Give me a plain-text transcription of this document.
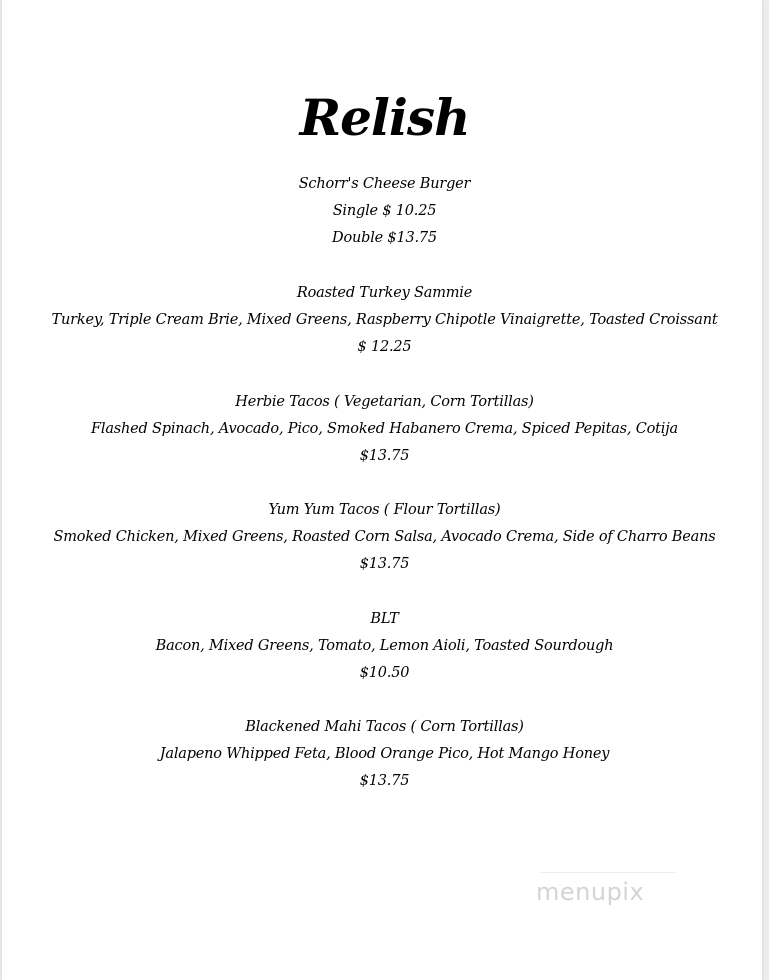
Relish
Schorr's Cheese Burger
Single $ 10.25
Double $13.75
Roasted Turkey Sammie
Turkey, Triple Cream Brie, Mixed Greens, Raspberry Chipotle Vinaigrette, Toasted Croissant
$ 12.25
Herbie Tacos ( Vegetarian, Corn Tortillas)
Flashed Spinach, Avocado, Pico, Smoked Habanero Crema, Spiced Pepitas, Cotija
$13.75
Yum Yum Tacos ( Flour Tortillas)
Smoked Chicken, Mixed Greens, Roasted Corn Salsa, Avocado Crema, Side of Charro Beans
$13.75
BLT
Bacon, Mixed Greens, Tomato, Lemon Aioli, Toasted Sourdough
$10.50
Blackened Mahi Tacos ( Corn Tortillas)
Jalapeno Whipped Feta, Blood Orange Pico, Hot Mango Honey
$13.75
menupix
